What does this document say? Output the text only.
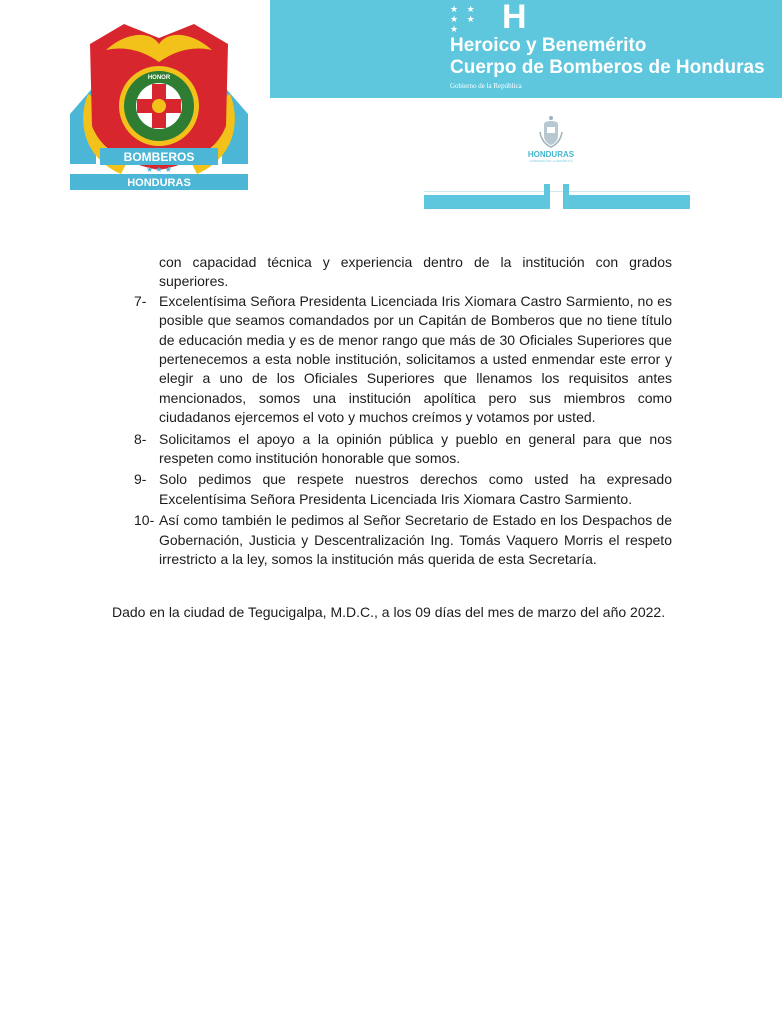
★ ★ ★ ★ ★	H
Heroico y Benemérito
Cuerpo de Bomberos de Honduras
Gobierno de la República
HONOR
BOMBEROS
★ ★ ★
HONDURAS
HONDURAS
GOBIERNO DE LA REPÚBLICA

con capacidad técnica y experiencia dentro de la institución con grados superiores.

7- Excelentísima Señora Presidenta Licenciada Iris Xiomara Castro Sarmiento, no es posible que seamos comandados por un Capitán de Bomberos que no tiene título de educación media y es de menor rango que más de 30 Oficiales Superiores que pertenecemos a esta noble institución, solicitamos a usted enmendar este error y elegir a uno de los Oficiales Superiores que llenamos los requisitos antes mencionados, somos una institución apolítica pero sus miembros como ciudadanos ejercemos el voto y muchos creímos y votamos por usted.

8- Solicitamos el apoyo a la opinión pública y pueblo en general para que nos respeten como institución honorable que somos.

9- Solo pedimos que respete nuestros derechos como usted ha expresado Excelentísima Señora Presidenta Licenciada Iris Xiomara Castro Sarmiento.

10- Así como también le pedimos al Señor Secretario de Estado en los Despachos de Gobernación, Justicia y Descentralización Ing. Tomás Vaquero Morris el respeto irrestricto a la ley, somos la institución más querida de esta Secretaría.

Dado en la ciudad de Tegucigalpa, M.D.C., a los 09 días del mes de marzo del año 2022.
